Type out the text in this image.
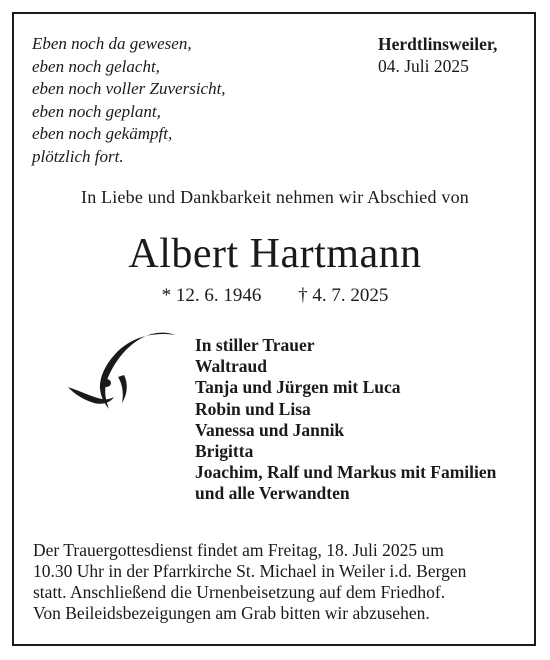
Eben noch da gewesen,
eben noch gelacht,
eben noch voller Zuversicht,
eben noch geplant,
eben noch gekämpft,
plötzlich fort.
Herdtlinsweiler,
04. Juli 2025
In Liebe und Dankbarkeit nehmen wir Abschied von
Albert Hartmann
* 12. 6. 1946 † 4. 7. 2025
In stiller Trauer
Waltraud
Tanja und Jürgen mit Luca
Robin und Lisa
Vanessa und Jannik
Brigitta
Joachim, Ralf und Markus mit Familien
und alle Verwandten
Der Trauergottesdienst findet am Freitag, 18. Juli 2025 um
10.30 Uhr in der Pfarrkirche St. Michael in Weiler i.d. Bergen
statt. Anschließend die Urnenbeisetzung auf dem Friedhof.
Von Beileidsbezeigungen am Grab bitten wir abzusehen.
